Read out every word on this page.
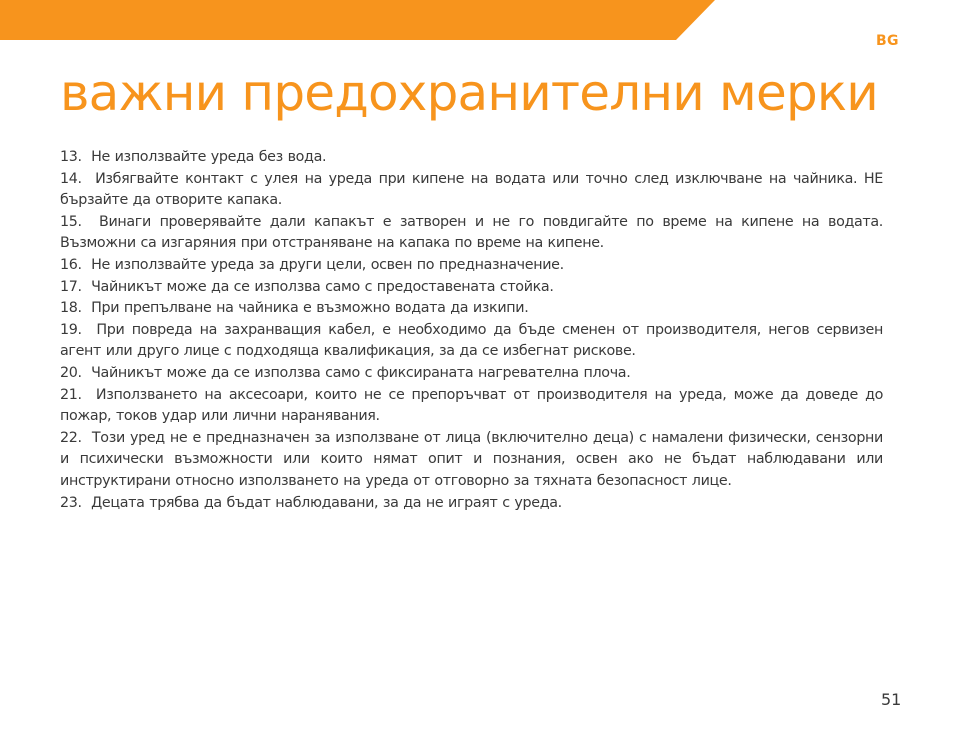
BG
важни предохранителни мерки
13. Не използвайте уреда без вода.
14. Избягвайте контакт с улея на уреда при кипене на водата или точно след изключване на чайника. НЕ бързайте да отворите капака.
15. Винаги проверявайте дали капакът е затворен и не го повдигайте по време на кипене на водата. Възможни са изгаряния при отстраняване на капака по време на кипене.
16. Не използвайте уреда за други цели, освен по предназначение.
17. Чайникът може да се използва само с предоставената стойка.
18. При препълване на чайника е възможно водата да изкипи.
19. При повреда на захранващия кабел, е необходимо да бъде сменен от производителя, негов сервизен агент или друго лице с подходяща квалификация, за да се избегнат рисковe.
20. Чайникът може да се използва само с фиксираната нагревателна плоча.
21. Използването на аксесоари, които не се препоръчват от производителя на уреда, може да доведе до пожар, токов удар или лични наранявания.
22. Този уред не е предназначен за използване от лица (включително деца) с намалени физически, сензорни и психически възможности или които нямат опит и познания, освен ако не бъдат наблюдавани или инструктирани относно използването на уреда от отговорно за тяхната безопасност лице.
23. Децата трябва да бъдат наблюдавани, за да не играят с уреда.
51
